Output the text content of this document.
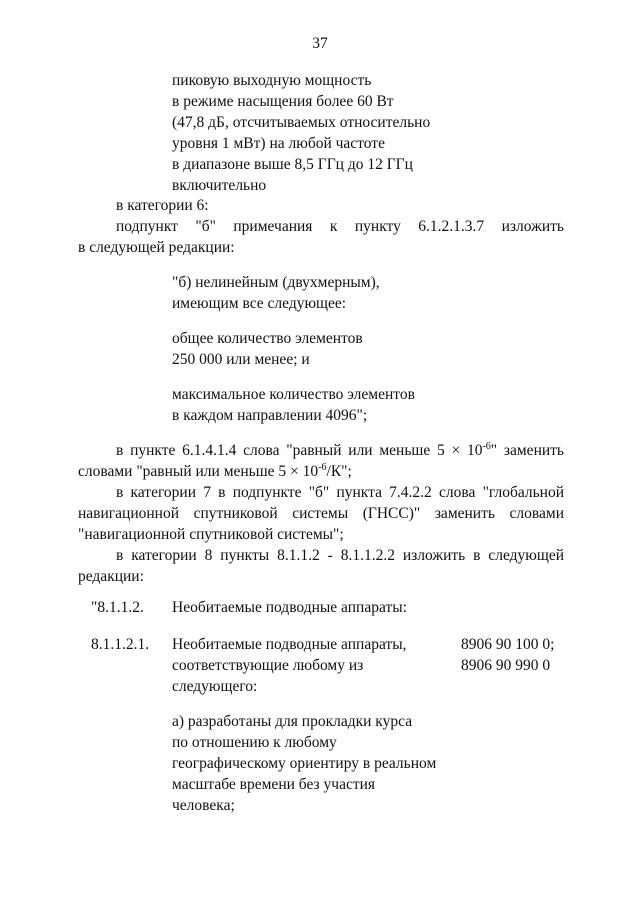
37
пиковую выходную мощность
в режиме насыщения более 60 Вт
(47,8 дБ, отсчитываемых относительно
уровня 1 мВт) на любой частоте
в диапазоне выше 8,5 ГГц до 12 ГГц
включительно
в категории 6:
подпункт "б" примечания к пункту 6.1.2.1.3.7 изложить
в следующей редакции:
"б) нелинейным (двухмерным),
имеющим все следующее:
общее количество элементов
250 000 или менее; и
максимальное количество элементов
в каждом направлении 4096";
в пункте 6.1.4.1.4 слова "равный или меньше $5 \times 10^{-6}$" заменить
словами "равный или меньше $5 \times 10^{-6}/К$";
в категории 7 в подпункте "б" пункта 7.4.2.2 слова "глобальной
навигационной спутниковой системы (ГНСС)" заменить словами
"навигационной спутниковой системы";
в категории 8 пункты 8.1.1.2 - 8.1.1.2.2 изложить в следующей
редакции:
"8.1.1.2. Необитаемые подводные аппараты:
8.1.1.2.1. Необитаемые подводные аппараты,
соответствующие любому из
следующего:
8906 90 100 0;
8906 90 990 0
а) разработаны для прокладки курса
по отношению к любому
географическому ориентиру в реальном
масштабе времени без участия
человека;
